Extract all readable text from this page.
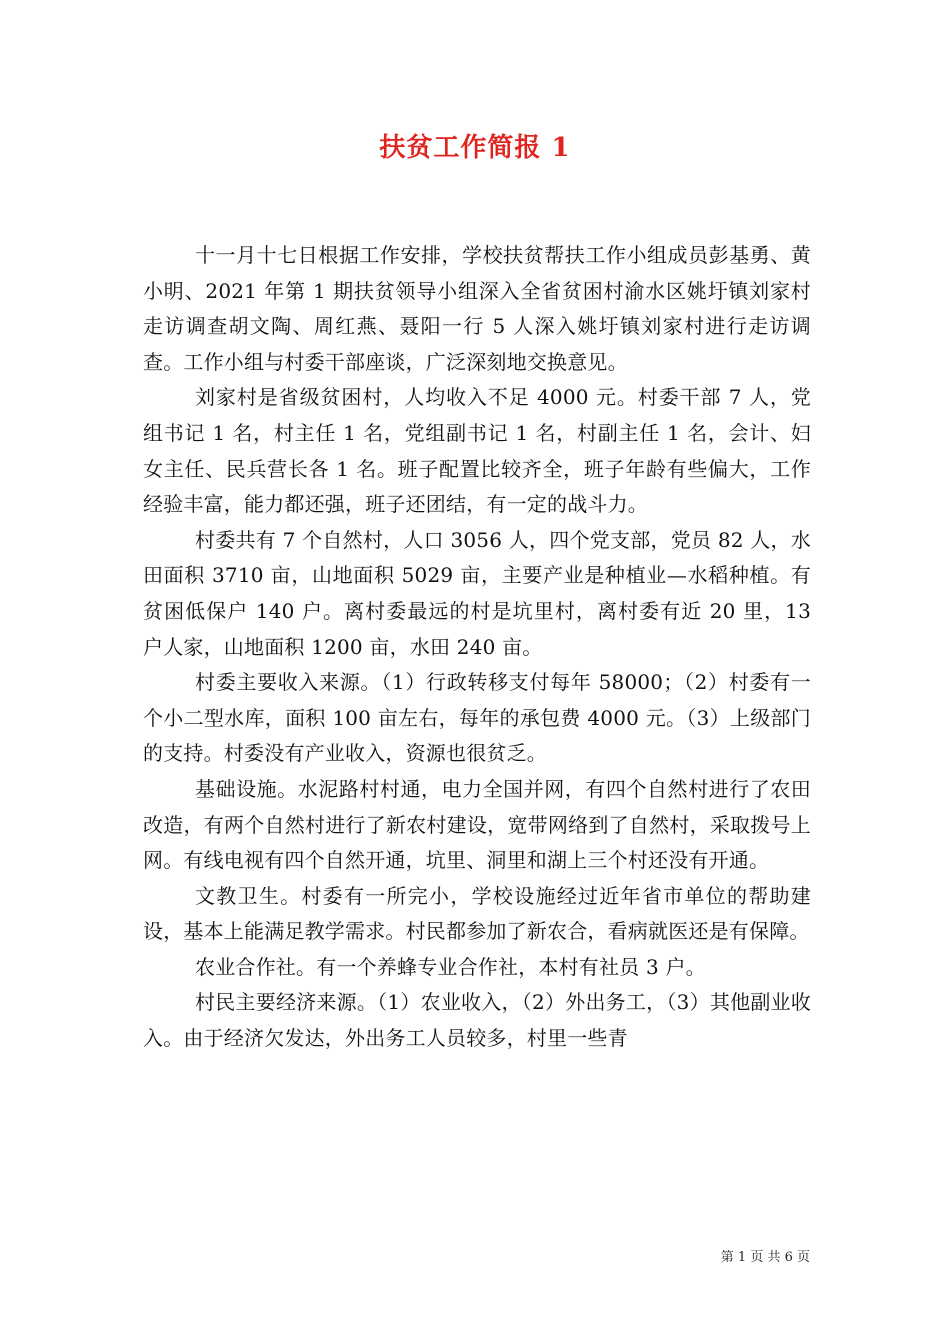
扶贫工作简报 1

十一月十七日根据工作安排，学校扶贫帮扶工作小组成员彭基勇、黄小明、2021 年第 1 期扶贫领导小组深入全省贫困村渝水区姚圩镇刘家村走访调查胡文陶、周红燕、聂阳一行 5 人深入姚圩镇刘家村进行走访调查。工作小组与村委干部座谈，广泛深刻地交换意见。

刘家村是省级贫困村，人均收入不足 4000 元。村委干部 7 人，党组书记 1 名，村主任 1 名，党组副书记 1 名，村副主任 1 名，会计、妇女主任、民兵营长各 1 名。班子配置比较齐全，班子年龄有些偏大，工作经验丰富，能力都还强，班子还团结，有一定的战斗力。

村委共有 7 个自然村，人口 3056 人，四个党支部，党员 82 人，水田面积 3710 亩，山地面积 5029 亩，主要产业是种植业—水稻种植。有贫困低保户 140 户。离村委最远的村是坑里村，离村委有近 20 里，13 户人家，山地面积 1200 亩，水田 240 亩。

村委主要收入来源。（1）行政转移支付每年 58000；（2）村委有一个小二型水库，面积 100 亩左右，每年的承包费 4000 元。（3）上级部门的支持。村委没有产业收入，资源也很贫乏。

基础设施。水泥路村村通，电力全国并网，有四个自然村进行了农田改造，有两个自然村进行了新农村建设，宽带网络到了自然村，采取拨号上网。有线电视有四个自然开通，坑里、洞里和湖上三个村还没有开通。

文教卫生。村委有一所完小，学校设施经过近年省市单位的帮助建设，基本上能满足教学需求。村民都参加了新农合，看病就医还是有保障。

农业合作社。有一个养蜂专业合作社，本村有社员 3 户。

村民主要经济来源。（1）农业收入，（2）外出务工，（3）其他副业收入。由于经济欠发达，外出务工人员较多，村里一些青

第 1 页 共 6 页
